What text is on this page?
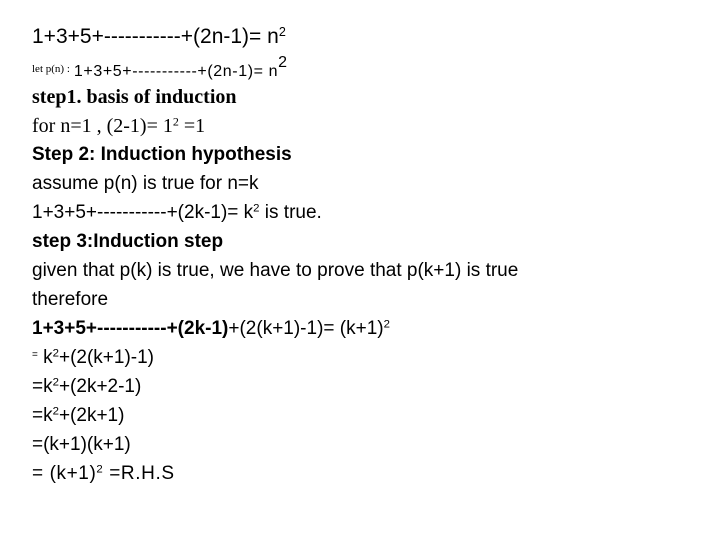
$1+3+5+-----------+(2n-1)= n^2$
$^{let p(n) :}$ $1+3+5+-----------+(2n-1)= n^2$
step1. basis of induction
for n=1 , $(2-1)= 1^2 =1$
Step 2: Induction hypothesis
assume p(n) is true for n=k
$1+3+5+-----------+(2k-1)= k^2$ is true.
step 3:Induction step
given that p(k) is true, we have to prove that p(k+1) is true
therefore
$1+3+5+-----------+(2k-1)+(2(k+1)-1)= (k+1)^2$
= $k^2+(2(k+1)-1)$
$=k^2+(2k+2-1)$
$=k^2+(2k+1)$
=(k+1)(k+1)
= $(k+1)^2 =R.H.S$
